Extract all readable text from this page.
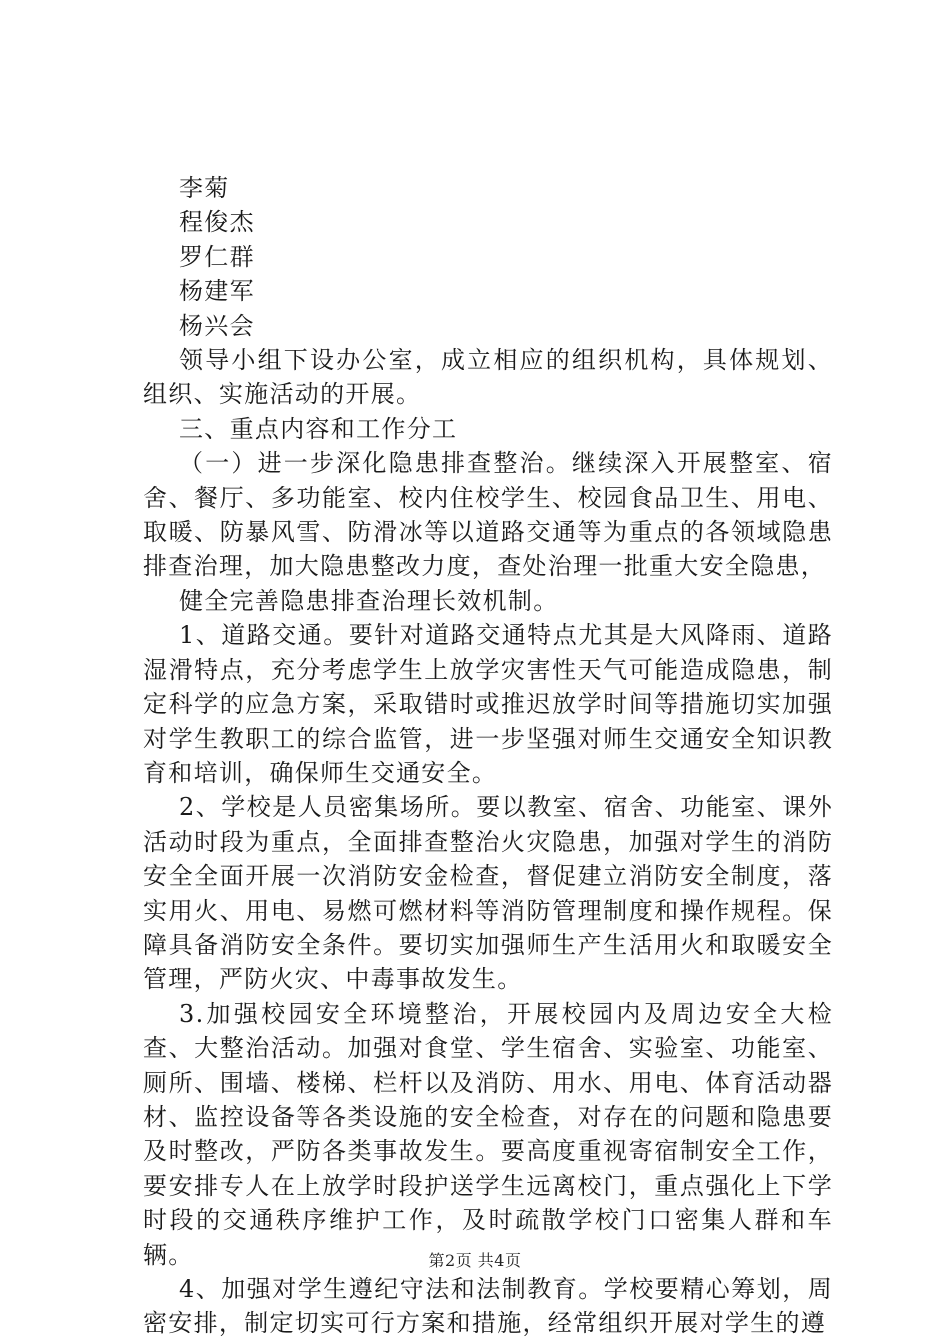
李菊
程俊杰
罗仁群
杨建军
杨兴会

领导小组下设办公室，成立相应的组织机构，具体规划、组织、实施活动的开展。

三、重点内容和工作分工

（一）进一步深化隐患排查整治。继续深入开展整室、宿舍、餐厅、多功能室、校内住校学生、校园食品卫生、用电、取暖、防暴风雪、防滑冰等以道路交通等为重点的各领域隐患排查治理，加大隐患整改力度，查处治理一批重大安全隐患，

健全完善隐患排查治理长效机制。

1、道路交通。要针对道路交通特点尤其是大风降雨、道路湿滑特点，充分考虑学生上放学灾害性天气可能造成隐患，制定科学的应急方案，采取错时或推迟放学时间等措施切实加强对学生教职工的综合监管，进一步坚强对师生交通安全知识教育和培训，确保师生交通安全。

2、学校是人员密集场所。要以教室、宿舍、功能室、课外活动时段为重点，全面排查整治火灾隐患，加强对学生的消防安全全面开展一次消防安金检查，督促建立消防安全制度，落实用火、用电、易燃可燃材料等消防管理制度和操作规程。保障具备消防安全条件。要切实加强师生产生活用火和取暖安全管理，严防火灾、中毒事故发生。

3.加强校园安全环境整治，开展校园内及周边安全大检查、大整治活动。加强对食堂、学生宿舍、实验室、功能室、厕所、围墙、楼梯、栏杆以及消防、用水、用电、体育活动器材、监控设备等各类设施的安全检查，对存在的问题和隐患要及时整改，严防各类事故发生。要高度重视寄宿制安全工作，要安排专人在上放学时段护送学生远离校门，重点强化上下学时段的交通秩序维护工作，及时疏散学校门口密集人群和车辆。

4、加强对学生遵纪守法和法制教育。学校要精心筹划，周密安排，制定切实可行方案和措施，经常组织开展对学生的遵

第2页 共4页
